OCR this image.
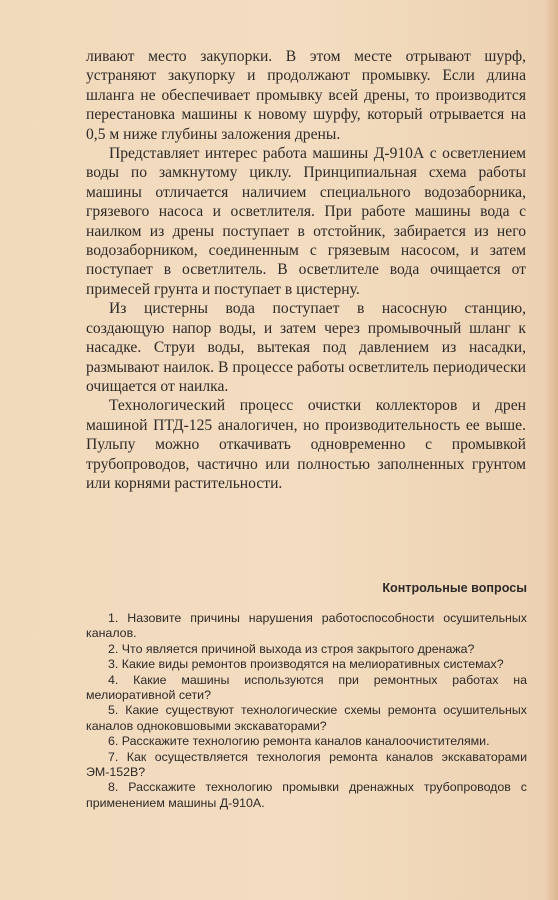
ливают место закупорки. В этом месте отрывают шурф, устраняют закупорку и продолжают промывку. Если длина шланга не обеспечивает промывку всей дрены, то производится перестановка машины к новому шурфу, который отрывается на 0,5 м ниже глубины заложения дрены.

Представляет интерес работа машины Д-910А с осветлением воды по замкнутому циклу. Принципиальная схема работы машины отличается наличием специального водозаборника, грязевого насоса и осветлителя. При работе машины вода с наилком из дрены поступает в отстойник, забирается из него водозаборником, соединенным с грязевым насосом, и затем поступает в осветлитель. В осветлителе вода очищается от примесей грунта и поступает в цистерну.

Из цистерны вода поступает в насосную станцию, создающую напор воды, и затем через промывочный шланг к насадке. Струи воды, вытекая под давлением из насадки, размывают наилок. В процессе работы осветлитель периодически очищается от наилка.

Технологический процесс очистки коллекторов и дрен машиной ПТД-125 аналогичен, но производительность ее выше. Пульпу можно откачивать одновременно с промывкой трубопроводов, частично или полностью заполненных грунтом или корнями растительности.

Контрольные вопросы
1. Назовите причины нарушения работоспособности осушительных каналов.
2. Что является причиной выхода из строя закрытого дренажа?
3. Какие виды ремонтов производятся на мелиоративных системах?
4. Какие машины используются при ремонтных работах на мелиоративной сети?
5. Какие существуют технологические схемы ремонта осушительных каналов одноковшовыми экскаваторами?
6. Расскажите технологию ремонта каналов каналоочистителями.
7. Как осуществляется технология ремонта каналов экскаваторами ЭМ-152В?
8. Расскажите технологию промывки дренажных трубопроводов с применением машины Д-910А.
